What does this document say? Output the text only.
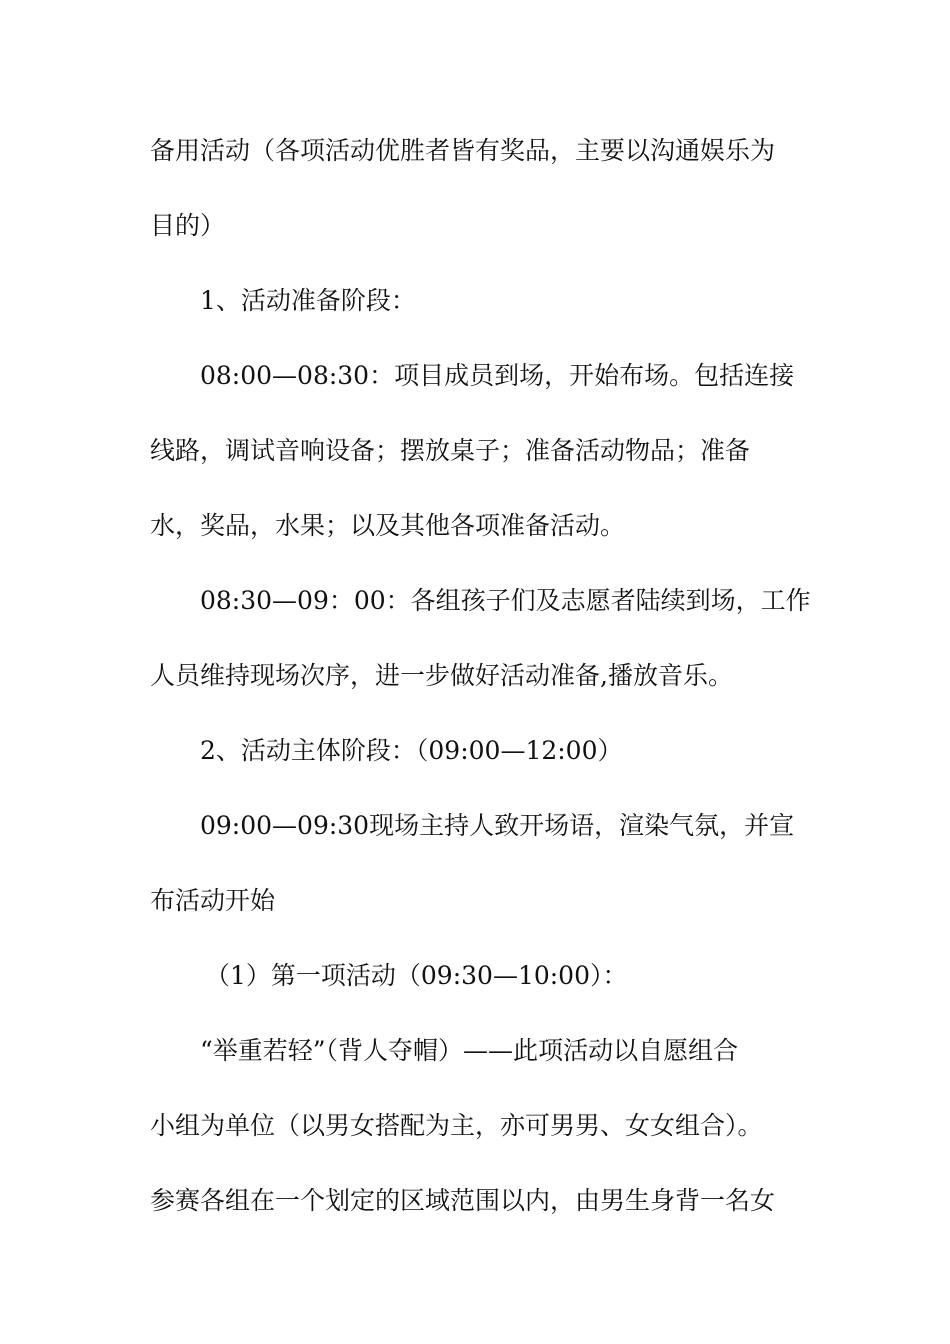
备用活动（各项活动优胜者皆有奖品，主要以沟通娱乐为
目的）
1、活动准备阶段：
08:00—08:30：项目成员到场，开始布场。包括连接
线路，调试音响设备；摆放桌子；准备活动物品；准备
水，奖品，水果；以及其他各项准备活动。
08:30—09：00：各组孩子们及志愿者陆续到场，工作
人员维持现场次序，进一步做好活动准备,播放音乐。
2、活动主体阶段：（09:00—12:00）
09:00—09:30现场主持人致开场语，渲染气氛，并宣
布活动开始
（1）第一项活动（09:30—10:00）：
“举重若轻”（背人夺帽）——此项活动以自愿组合
小组为单位（以男女搭配为主，亦可男男、女女组合）。
参赛各组在一个划定的区域范围以内，由男生身背一名女
